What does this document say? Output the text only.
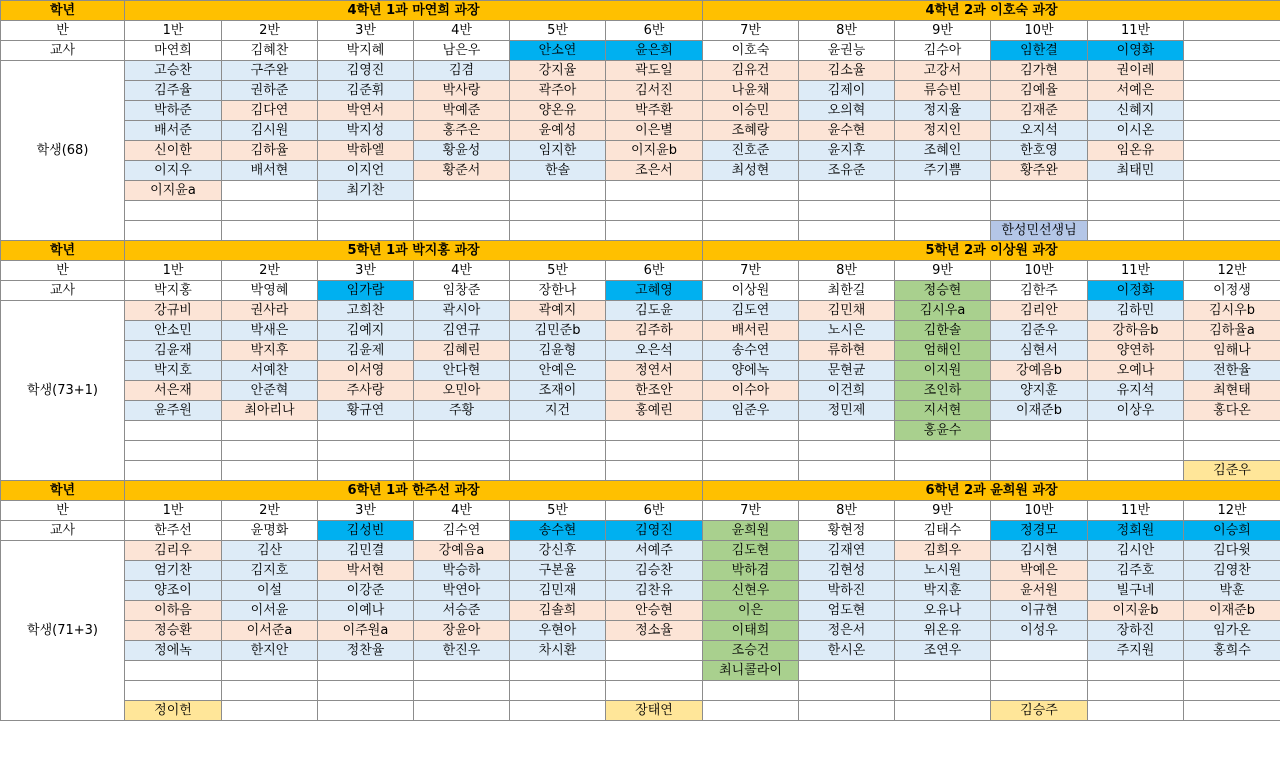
학년	4학년 1과 마연희 과장						4학년 2과 이호숙 과장					
반	1반	2반	3반	4반	5반	6반	7반	8반	9반	10반	11반	
교사	마연희	김혜찬	박지혜	남은우	안소연	윤은희	이호숙	윤권능	김수아	임한결	이영화	
학생(68)	고승찬	구주완	김영진	김겸	강지율	곽도일	김유건	김소율	고강서	김가현	권이레	
	김주율	권하준	김준휘	박사랑	곽주아	김서진	나윤채	김제이	류승빈	김예율	서예은	
	박하준	김다연	박연서	박예준	양온유	박주환	이승민	오의혁	정지율	김재준	신혜지	
	배서준	김시원	박지성	홍주은	윤예성	이은별	조혜랑	윤수현	정지인	오지석	이시온	
	신이한	김하율	박하엘	황윤성	임지한	이지윤b	진호준	윤지후	조혜인	한호영	임온유	
	이지우	배서현	이지언	황준서	한솔	조은서	최성현	조유준	주기쁨	황주완	최태민	
	이지윤a		최기찬									

										한성민선생님		
학년	5학년 1과 박지홍 과장						5학년 2과 이상원 과장					
반	1반	2반	3반	4반	5반	6반	7반	8반	9반	10반	11반	12반
교사	박지홍	박영혜	임가람	임창준	장한나	고혜영	이상원	최한길	정승현	김한주	이정화	이정생
학생(73+1)	강규비	권사라	고희찬	곽시아	곽예지	김도윤	김도연	김민채	김시우a	김리안	김하민	김시우b
	안소민	박새은	김예지	김연규	김민준b	김주하	배서린	노시은	김한솔	김준우	강하음b	김하율a
	김윤재	박지후	김윤제	김혜린	김윤형	오은석	송수연	류하현	엄해인	심현서	양연하	임해나
	박지호	서예찬	이서영	안다현	안예은	정연서	양에녹	문현균	이지원	강예음b	오예나	전한율
	서은재	안준혁	주사랑	오민아	조재이	한조안	이수아	이건희	조인하	양지훈	유지석	최현태
	윤주원	최아리나	황규연	주황	지건	홍예린	임준우	정민제	지서현	이재준b	이상우	홍다온
									홍윤수			

												김준우
학년	6학년 1과 한주선 과장						6학년 2과 윤희원 과장					
반	1반	2반	3반	4반	5반	6반	7반	8반	9반	10반	11반	12반
교사	한주선	윤명화	김성빈	김수연	송수현	김영진	윤희원	황현정	김태수	정경모	정회원	이승희
학생(71+3)	김리우	김산	김민결	강예음a	강신후	서예주	김도현	김재연	김희우	김시현	김시안	김다윗
	엄기찬	김지호	박서현	박승하	구본율	김승찬	박하겸	김현성	노시원	박예은	김주호	김영찬
	양조이	이설	이강준	박연아	김민재	김찬유	신현우	박하진	박지훈	윤서원	빌구네	박훈
	이하음	이서윤	이예나	서승준	김솔희	안승현	이은	엄도현	오유나	이규현	이지윤b	이재준b
	정승환	이서준a	이주원a	장윤아	우현아	정소율	이태희	정은서	위온유	이성우	장하진	임가온
	정에녹	한지안	정찬율	한진우	차시환		조승건	한시온	조연우		주지원	홍희수
							최니콜라이					

	정이헌					장태연				김승주		
